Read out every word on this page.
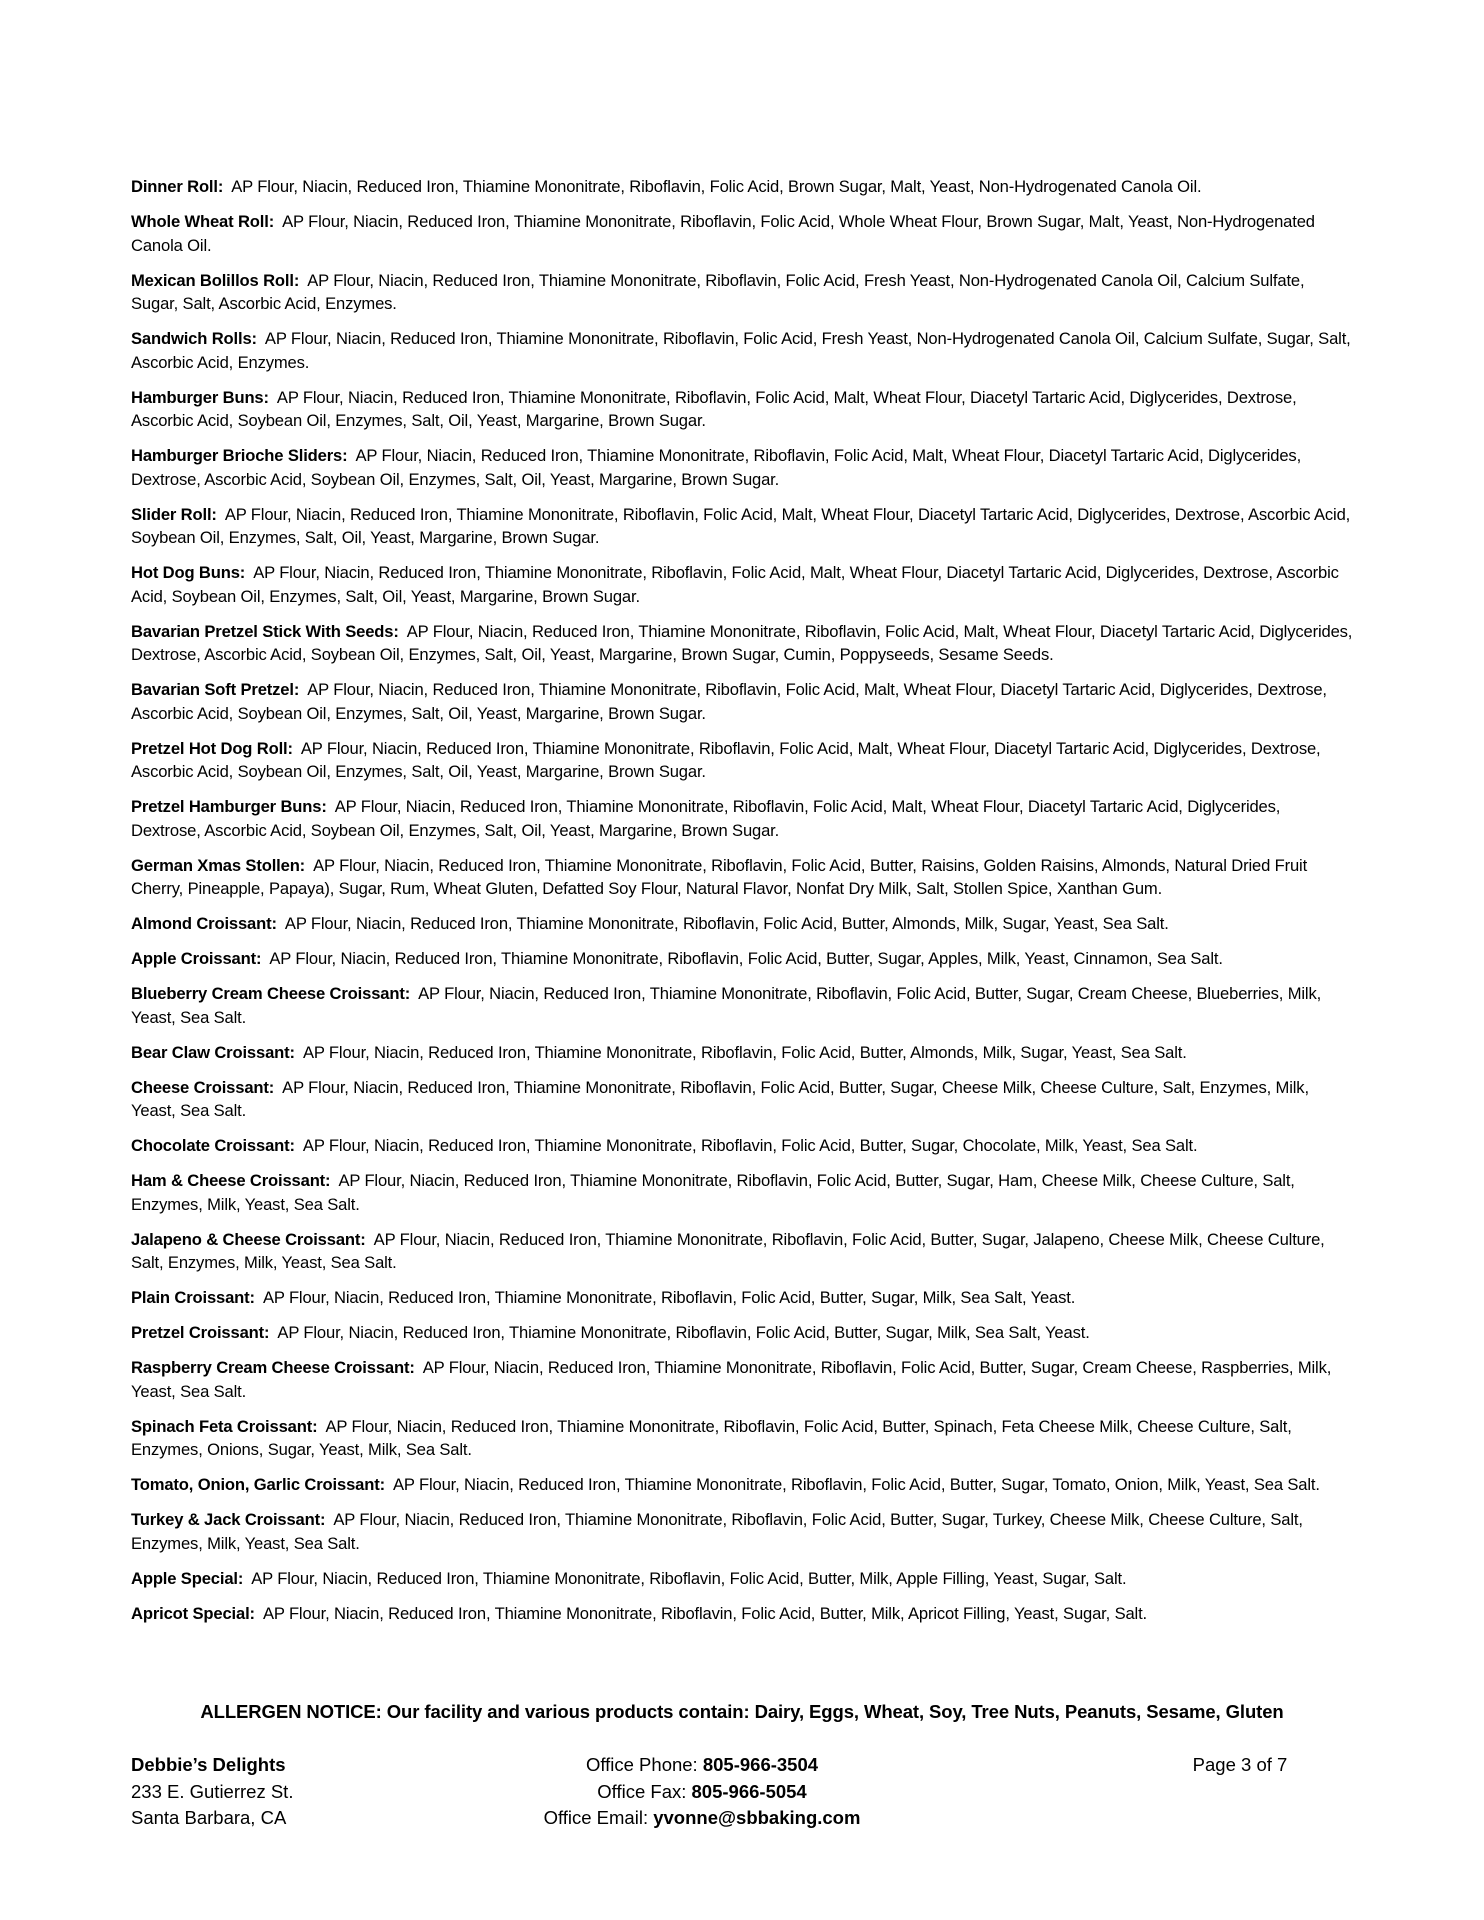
Dinner Roll: AP Flour, Niacin, Reduced Iron, Thiamine Mononitrate, Riboflavin, Folic Acid, Brown Sugar, Malt, Yeast, Non-Hydrogenated Canola Oil.

Whole Wheat Roll: AP Flour, Niacin, Reduced Iron, Thiamine Mononitrate, Riboflavin, Folic Acid, Whole Wheat Flour, Brown Sugar, Malt, Yeast, Non-Hydrogenated Canola Oil.

Mexican Bolillos Roll: AP Flour, Niacin, Reduced Iron, Thiamine Mononitrate, Riboflavin, Folic Acid, Fresh Yeast, Non-Hydrogenated Canola Oil, Calcium Sulfate, Sugar, Salt, Ascorbic Acid, Enzymes.

Sandwich Rolls: AP Flour, Niacin, Reduced Iron, Thiamine Mononitrate, Riboflavin, Folic Acid, Fresh Yeast, Non-Hydrogenated Canola Oil, Calcium Sulfate, Sugar, Salt, Ascorbic Acid, Enzymes.

Hamburger Buns: AP Flour, Niacin, Reduced Iron, Thiamine Mononitrate, Riboflavin, Folic Acid, Malt, Wheat Flour, Diacetyl Tartaric Acid, Diglycerides, Dextrose, Ascorbic Acid, Soybean Oil, Enzymes, Salt, Oil, Yeast, Margarine, Brown Sugar.

Hamburger Brioche Sliders: AP Flour, Niacin, Reduced Iron, Thiamine Mononitrate, Riboflavin, Folic Acid, Malt, Wheat Flour, Diacetyl Tartaric Acid, Diglycerides, Dextrose, Ascorbic Acid, Soybean Oil, Enzymes, Salt, Oil, Yeast, Margarine, Brown Sugar.

Slider Roll: AP Flour, Niacin, Reduced Iron, Thiamine Mononitrate, Riboflavin, Folic Acid, Malt, Wheat Flour, Diacetyl Tartaric Acid, Diglycerides, Dextrose, Ascorbic Acid, Soybean Oil, Enzymes, Salt, Oil, Yeast, Margarine, Brown Sugar.

Hot Dog Buns: AP Flour, Niacin, Reduced Iron, Thiamine Mononitrate, Riboflavin, Folic Acid, Malt, Wheat Flour, Diacetyl Tartaric Acid, Diglycerides, Dextrose, Ascorbic Acid, Soybean Oil, Enzymes, Salt, Oil, Yeast, Margarine, Brown Sugar.

Bavarian Pretzel Stick With Seeds: AP Flour, Niacin, Reduced Iron, Thiamine Mononitrate, Riboflavin, Folic Acid, Malt, Wheat Flour, Diacetyl Tartaric Acid, Diglycerides, Dextrose, Ascorbic Acid, Soybean Oil, Enzymes, Salt, Oil, Yeast, Margarine, Brown Sugar, Cumin, Poppyseeds, Sesame Seeds.

Bavarian Soft Pretzel: AP Flour, Niacin, Reduced Iron, Thiamine Mononitrate, Riboflavin, Folic Acid, Malt, Wheat Flour, Diacetyl Tartaric Acid, Diglycerides, Dextrose, Ascorbic Acid, Soybean Oil, Enzymes, Salt, Oil, Yeast, Margarine, Brown Sugar.

Pretzel Hot Dog Roll: AP Flour, Niacin, Reduced Iron, Thiamine Mononitrate, Riboflavin, Folic Acid, Malt, Wheat Flour, Diacetyl Tartaric Acid, Diglycerides, Dextrose, Ascorbic Acid, Soybean Oil, Enzymes, Salt, Oil, Yeast, Margarine, Brown Sugar.

Pretzel Hamburger Buns: AP Flour, Niacin, Reduced Iron, Thiamine Mononitrate, Riboflavin, Folic Acid, Malt, Wheat Flour, Diacetyl Tartaric Acid, Diglycerides, Dextrose, Ascorbic Acid, Soybean Oil, Enzymes, Salt, Oil, Yeast, Margarine, Brown Sugar.

German Xmas Stollen: AP Flour, Niacin, Reduced Iron, Thiamine Mononitrate, Riboflavin, Folic Acid, Butter, Raisins, Golden Raisins, Almonds, Natural Dried Fruit Cherry, Pineapple, Papaya), Sugar, Rum, Wheat Gluten, Defatted Soy Flour, Natural Flavor, Nonfat Dry Milk, Salt, Stollen Spice, Xanthan Gum.

Almond Croissant: AP Flour, Niacin, Reduced Iron, Thiamine Mononitrate, Riboflavin, Folic Acid, Butter, Almonds, Milk, Sugar, Yeast, Sea Salt.

Apple Croissant: AP Flour, Niacin, Reduced Iron, Thiamine Mononitrate, Riboflavin, Folic Acid, Butter, Sugar, Apples, Milk, Yeast, Cinnamon, Sea Salt.

Blueberry Cream Cheese Croissant: AP Flour, Niacin, Reduced Iron, Thiamine Mononitrate, Riboflavin, Folic Acid, Butter, Sugar, Cream Cheese, Blueberries, Milk, Yeast, Sea Salt.

Bear Claw Croissant: AP Flour, Niacin, Reduced Iron, Thiamine Mononitrate, Riboflavin, Folic Acid, Butter, Almonds, Milk, Sugar, Yeast, Sea Salt.

Cheese Croissant: AP Flour, Niacin, Reduced Iron, Thiamine Mononitrate, Riboflavin, Folic Acid, Butter, Sugar, Cheese Milk, Cheese Culture, Salt, Enzymes, Milk, Yeast, Sea Salt.

Chocolate Croissant: AP Flour, Niacin, Reduced Iron, Thiamine Mononitrate, Riboflavin, Folic Acid, Butter, Sugar, Chocolate, Milk, Yeast, Sea Salt.

Ham & Cheese Croissant: AP Flour, Niacin, Reduced Iron, Thiamine Mononitrate, Riboflavin, Folic Acid, Butter, Sugar, Ham, Cheese Milk, Cheese Culture, Salt, Enzymes, Milk, Yeast, Sea Salt.

Jalapeno & Cheese Croissant: AP Flour, Niacin, Reduced Iron, Thiamine Mononitrate, Riboflavin, Folic Acid, Butter, Sugar, Jalapeno, Cheese Milk, Cheese Culture, Salt, Enzymes, Milk, Yeast, Sea Salt.

Plain Croissant: AP Flour, Niacin, Reduced Iron, Thiamine Mononitrate, Riboflavin, Folic Acid, Butter, Sugar, Milk, Sea Salt, Yeast.

Pretzel Croissant: AP Flour, Niacin, Reduced Iron, Thiamine Mononitrate, Riboflavin, Folic Acid, Butter, Sugar, Milk, Sea Salt, Yeast.

Raspberry Cream Cheese Croissant: AP Flour, Niacin, Reduced Iron, Thiamine Mononitrate, Riboflavin, Folic Acid, Butter, Sugar, Cream Cheese, Raspberries, Milk, Yeast, Sea Salt.

Spinach Feta Croissant: AP Flour, Niacin, Reduced Iron, Thiamine Mononitrate, Riboflavin, Folic Acid, Butter, Spinach, Feta Cheese Milk, Cheese Culture, Salt, Enzymes, Onions, Sugar, Yeast, Milk, Sea Salt.

Tomato, Onion, Garlic Croissant: AP Flour, Niacin, Reduced Iron, Thiamine Mononitrate, Riboflavin, Folic Acid, Butter, Sugar, Tomato, Onion, Milk, Yeast, Sea Salt.

Turkey & Jack Croissant: AP Flour, Niacin, Reduced Iron, Thiamine Mononitrate, Riboflavin, Folic Acid, Butter, Sugar, Turkey, Cheese Milk, Cheese Culture, Salt, Enzymes, Milk, Yeast, Sea Salt.

Apple Special: AP Flour, Niacin, Reduced Iron, Thiamine Mononitrate, Riboflavin, Folic Acid, Butter, Milk, Apple Filling, Yeast, Sugar, Salt.

Apricot Special: AP Flour, Niacin, Reduced Iron, Thiamine Mononitrate, Riboflavin, Folic Acid, Butter, Milk, Apricot Filling, Yeast, Sugar, Salt.

ALLERGEN NOTICE: Our facility and various products contain: Dairy, Eggs, Wheat, Soy, Tree Nuts, Peanuts, Sesame, Gluten
Debbie’s Delights
233 E. Gutierrez St.
Santa Barbara, CA
Office Phone: 805-966-3504
Office Fax: 805-966-5054
Office Email: yvonne@sbbaking.com
Page 3 of 7
